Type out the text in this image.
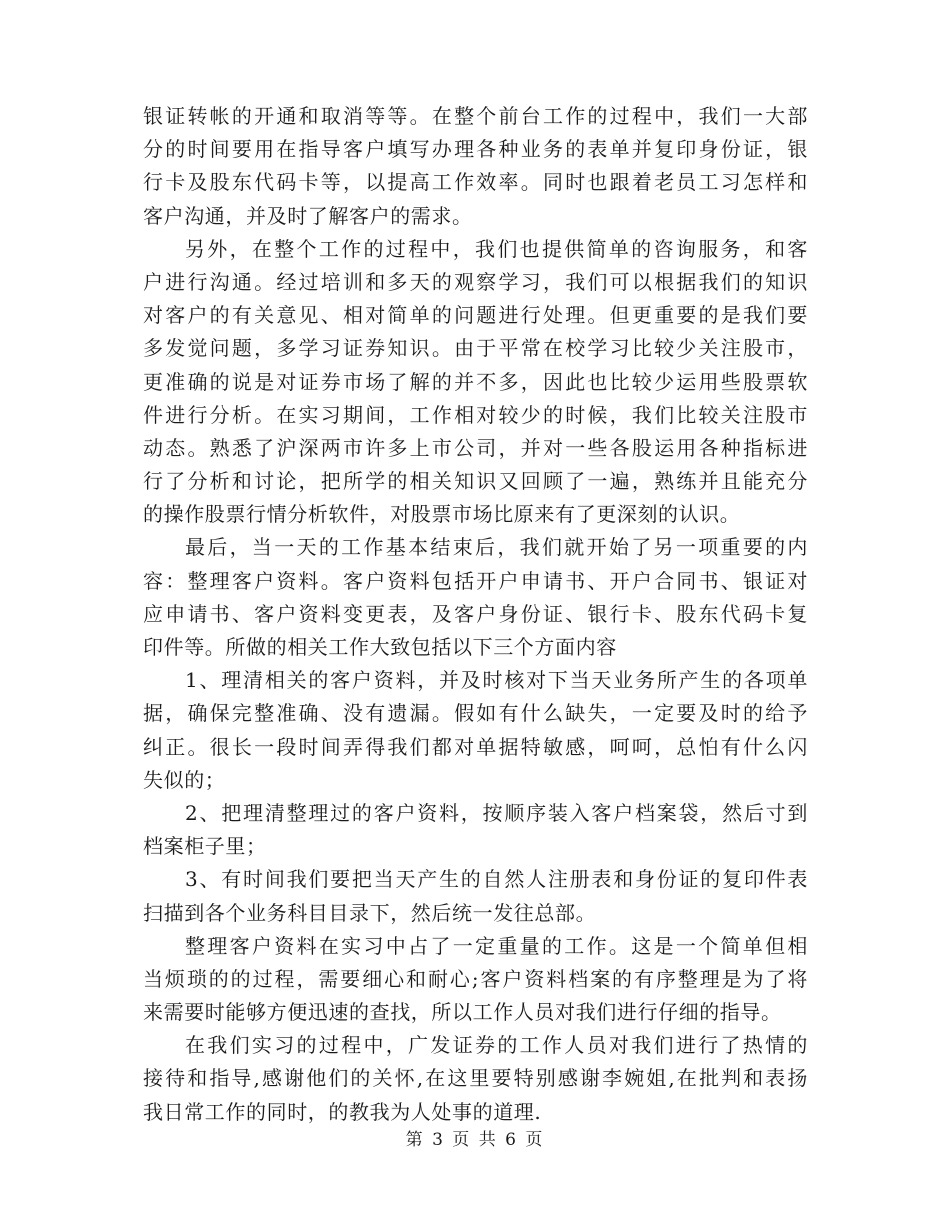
银证转帐的开通和取消等等。在整个前台工作的过程中，我们一大部
分的时间要用在指导客户填写办理各种业务的表单并复印身份证，银
行卡及股东代码卡等，以提高工作效率。同时也跟着老员工习怎样和
客户沟通，并及时了解客户的需求。
另外，在整个工作的过程中，我们也提供简单的咨询服务，和客
户进行沟通。经过培训和多天的观察学习，我们可以根据我们的知识
对客户的有关意见、相对简单的问题进行处理。但更重要的是我们要
多发觉问题，多学习证券知识。由于平常在校学习比较少关注股市，
更准确的说是对证券市场了解的并不多，因此也比较少运用些股票软
件进行分析。在实习期间，工作相对较少的时候，我们比较关注股市
动态。熟悉了沪深两市许多上市公司，并对一些各股运用各种指标进
行了分析和讨论，把所学的相关知识又回顾了一遍，熟练并且能充分
的操作股票行情分析软件，对股票市场比原来有了更深刻的认识。
最后，当一天的工作基本结束后，我们就开始了另一项重要的内
容：整理客户资料。客户资料包括开户申请书、开户合同书、银证对
应申请书、客户资料变更表，及客户身份证、银行卡、股东代码卡复
印件等。所做的相关工作大致包括以下三个方面内容
1、理清相关的客户资料，并及时核对下当天业务所产生的各项单
据，确保完整准确、没有遗漏。假如有什么缺失，一定要及时的给予
纠正。很长一段时间弄得我们都对单据特敏感，呵呵，总怕有什么闪
失似的；
2、把理清整理过的客户资料，按顺序装入客户档案袋，然后寸到
档案柜子里；
3、有时间我们要把当天产生的自然人注册表和身份证的复印件表
扫描到各个业务科目目录下，然后统一发往总部。
整理客户资料在实习中占了一定重量的工作。这是一个简单但相
当烦琐的的过程，需要细心和耐心;客户资料档案的有序整理是为了将
来需要时能够方便迅速的查找，所以工作人员对我们进行仔细的指导。
在我们实习的过程中，广发证券的工作人员对我们进行了热情的
接待和指导,感谢他们的关怀,在这里要特别感谢李婉姐,在批判和表扬
我日常工作的同时，的教我为人处事的道理.
第 3 页 共 6 页
